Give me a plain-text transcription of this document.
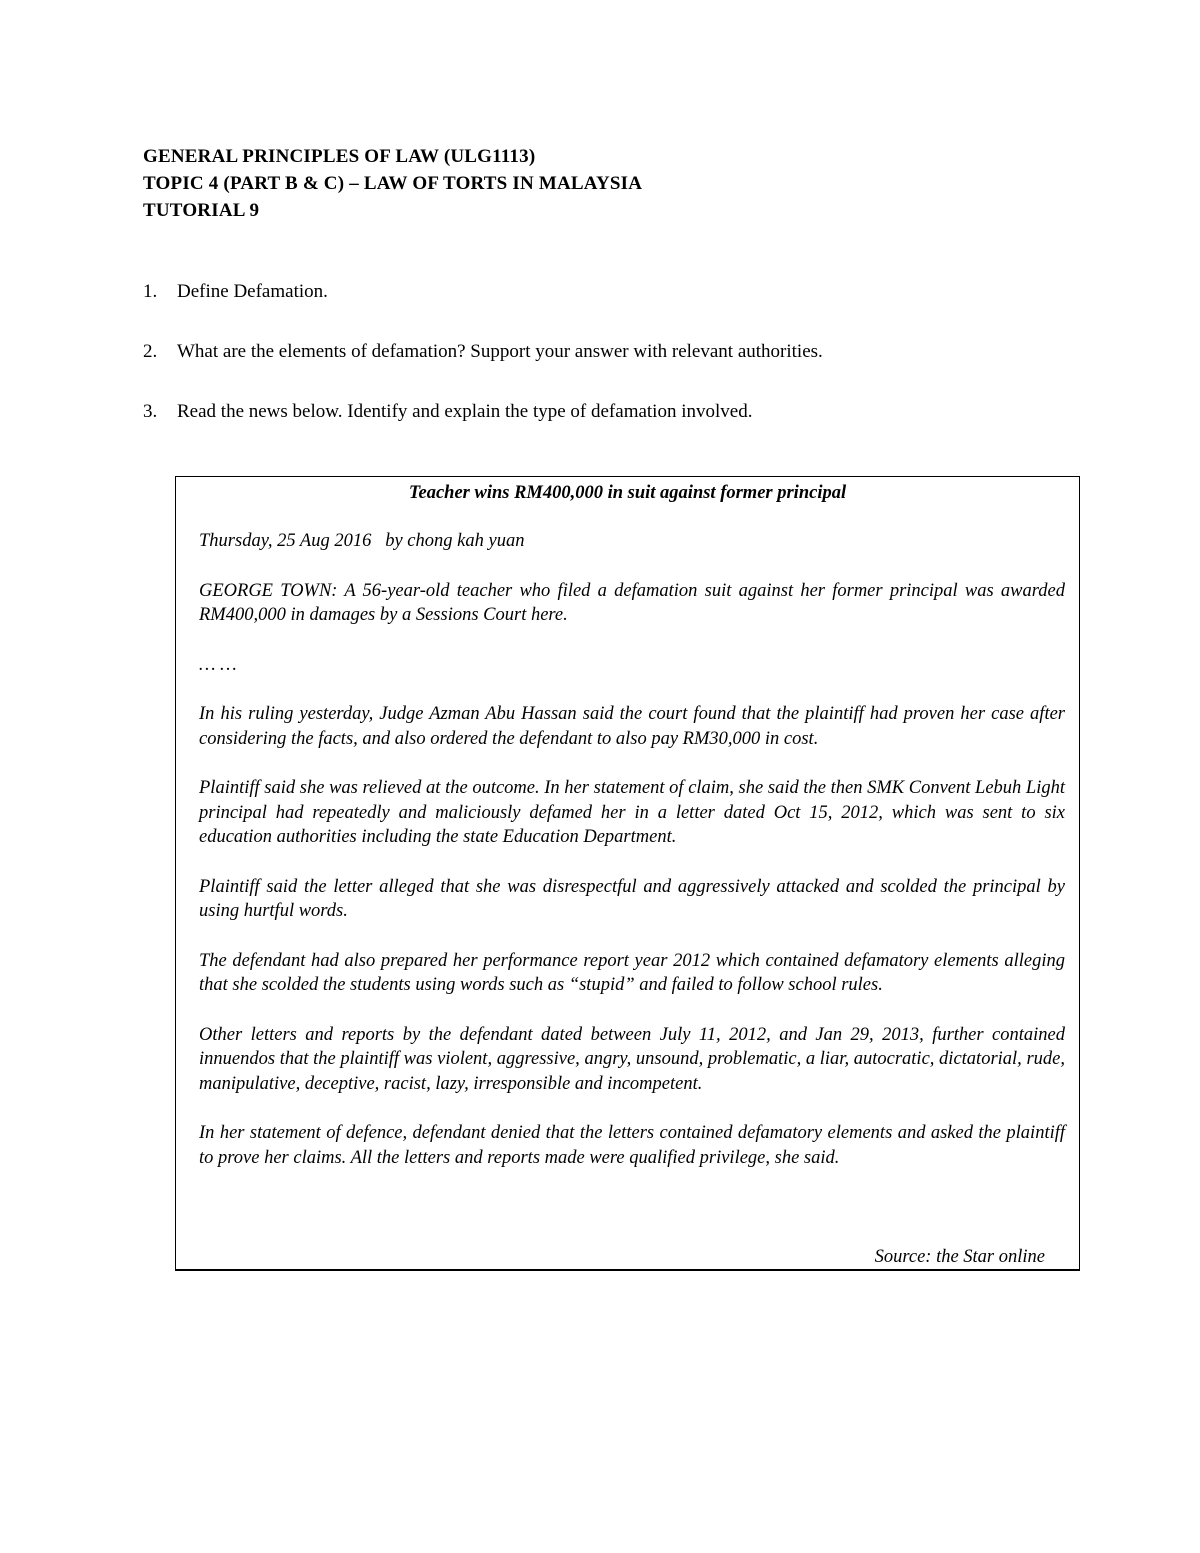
GENERAL PRINCIPLES OF LAW (ULG1113)
TOPIC 4 (PART B & C) – LAW OF TORTS IN MALAYSIA
TUTORIAL 9
1. Define Defamation.
2. What are the elements of defamation? Support your answer with relevant authorities.
3. Read the news below. Identify and explain the type of defamation involved.
Teacher wins RM400,000 in suit against former principal

Thursday, 25 Aug 2016   by chong kah yuan

GEORGE TOWN: A 56-year-old teacher who filed a defamation suit against her former principal was awarded RM400,000 in damages by a Sessions Court here.

… …

In his ruling yesterday, Judge Azman Abu Hassan said the court found that the plaintiff had proven her case after considering the facts, and also ordered the defendant to also pay RM30,000 in cost.

Plaintiff said she was relieved at the outcome. In her statement of claim, she said the then SMK Convent Lebuh Light principal had repeatedly and maliciously defamed her in a letter dated Oct 15, 2012, which was sent to six education authorities including the state Education Department.

Plaintiff said the letter alleged that she was disrespectful and aggressively attacked and scolded the principal by using hurtful words.

The defendant had also prepared her performance report year 2012 which contained defamatory elements alleging that she scolded the students using words such as “stupid” and failed to follow school rules.

Other letters and reports by the defendant dated between July 11, 2012, and Jan 29, 2013, further contained innuendos that the plaintiff was violent, aggressive, angry, unsound, problematic, a liar, autocratic, dictatorial, rude, manipulative, deceptive, racist, lazy, irresponsible and incompetent.

In her statement of defence, defendant denied that the letters contained defamatory elements and asked the plaintiff to prove her claims. All the letters and reports made were qualified privilege, she said.

Source: the Star online
